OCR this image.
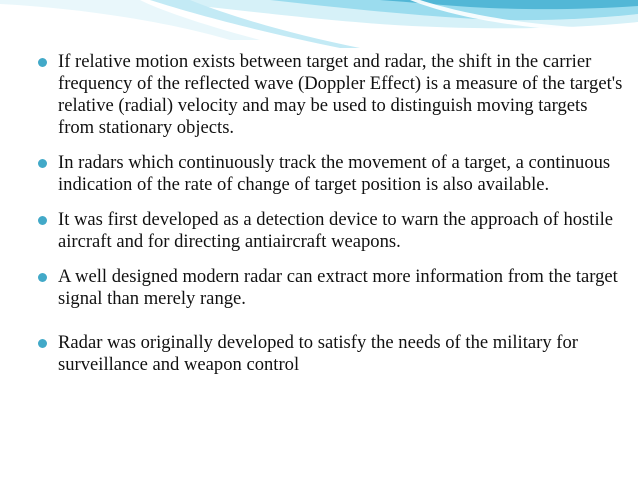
If relative motion exists between target and radar, the shift in the carrier frequency of the reflected wave (Doppler Effect) is a measure of the target's relative (radial) velocity and may be used to distinguish moving targets from stationary objects.
In radars which continuously track the movement of a target, a continuous indication of the rate of change of target position is also available.
It was first developed as a detection device to warn the approach of hostile aircraft and for directing antiaircraft weapons.
A well designed modern radar can extract more information from the target signal than merely range.
Radar was originally developed to satisfy the needs of the military for surveillance and weapon control
